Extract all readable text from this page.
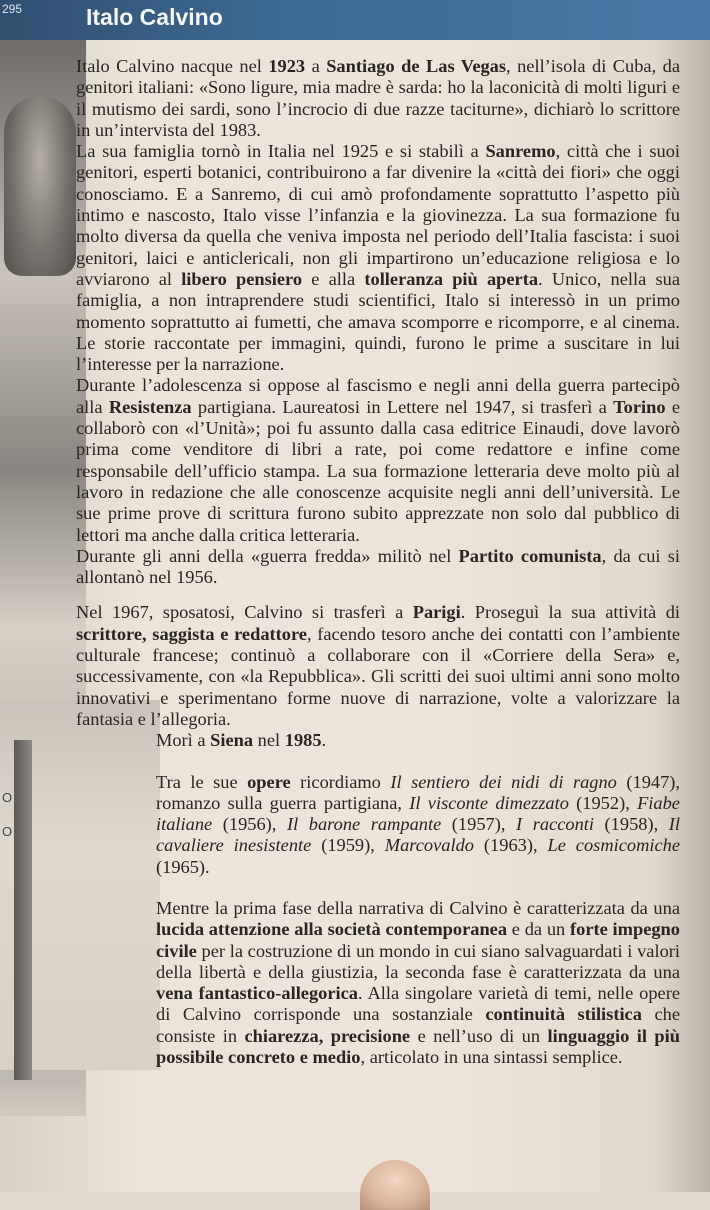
O
O
295	Italo Calvino

Italo Calvino nacque nel 1923 a Santiago de Las Vegas, nell’isola di Cuba, da genitori italiani: «Sono ligure, mia madre è sarda: ho la laconicità di molti liguri e il mutismo dei sardi, sono l’incrocio di due razze taciturne», dichiarò lo scrittore in un’intervista del 1983.

La sua famiglia tornò in Italia nel 1925 e si stabilì a Sanremo, città che i suoi genitori, esperti botanici, contribuirono a far divenire la «città dei fiori» che oggi conosciamo. E a Sanremo, di cui amò profondamente soprattutto l’aspetto più intimo e nascosto, Italo visse l’infanzia e la giovinezza. La sua formazione fu molto diversa da quella che veniva imposta nel periodo dell’Italia fascista: i suoi genitori, laici e anticlericali, non gli impartirono un’educazione religiosa e lo avviarono al libero pensiero e alla tolleranza più aperta. Unico, nella sua famiglia, a non intraprendere studi scientifici, Italo si interessò in un primo momento soprattutto ai fumetti, che amava scomporre e ricomporre, e al cinema. Le storie raccontate per immagini, quindi, furono le prime a suscitare in lui l’interesse per la narrazione.

Durante l’adolescenza si oppose al fascismo e negli anni della guerra partecipò alla Resistenza partigiana. Laureatosi in Lettere nel 1947, si trasferì a Torino e collaborò con «l’Unità»; poi fu assunto dalla casa editrice Einaudi, dove lavorò prima come venditore di libri a rate, poi come redattore e infine come responsabile dell’ufficio stampa. La sua formazione letteraria deve molto più al lavoro in redazione che alle conoscenze acquisite negli anni dell’università. Le sue prime prove di scrittura furono subito apprezzate non solo dal pubblico di lettori ma anche dalla critica letteraria.

Durante gli anni della «guerra fredda» militò nel Partito comunista, da cui si allontanò nel 1956.

Nel 1967, sposatosi, Calvino si trasferì a Parigi. Proseguì la sua attività di scrittore, saggista e redattore, facendo tesoro anche dei contatti con l’ambiente culturale francese; continuò a collaborare con il «Corriere della Sera» e, successivamente, con «la Repubblica». Gli scritti dei suoi ultimi anni sono molto innovativi e sperimentano forme nuove di narrazione, volte a valorizzare la fantasia e l’allegoria.

Morì a Siena nel 1985.

Tra le sue opere ricordiamo Il sentiero dei nidi di ragno (1947), romanzo sulla guerra partigiana, Il visconte dimezzato (1952), Fiabe italiane (1956), Il barone rampante (1957), I racconti (1958), Il cavaliere inesistente (1959), Marcovaldo (1963), Le cosmicomiche (1965).

Mentre la prima fase della narrativa di Calvino è caratterizzata da una lucida attenzione alla società contemporanea e da un forte impegno civile per la costruzione di un mondo in cui siano salvaguardati i valori della libertà e della giustizia, la seconda fase è caratterizzata da una vena fantastico-allegorica. Alla singolare varietà di temi, nelle opere di Calvino corrisponde una sostanziale continuità stilistica che consiste in chiarezza, precisione e nell’uso di un linguaggio il più possibile concreto e medio, articolato in una sintassi semplice.
